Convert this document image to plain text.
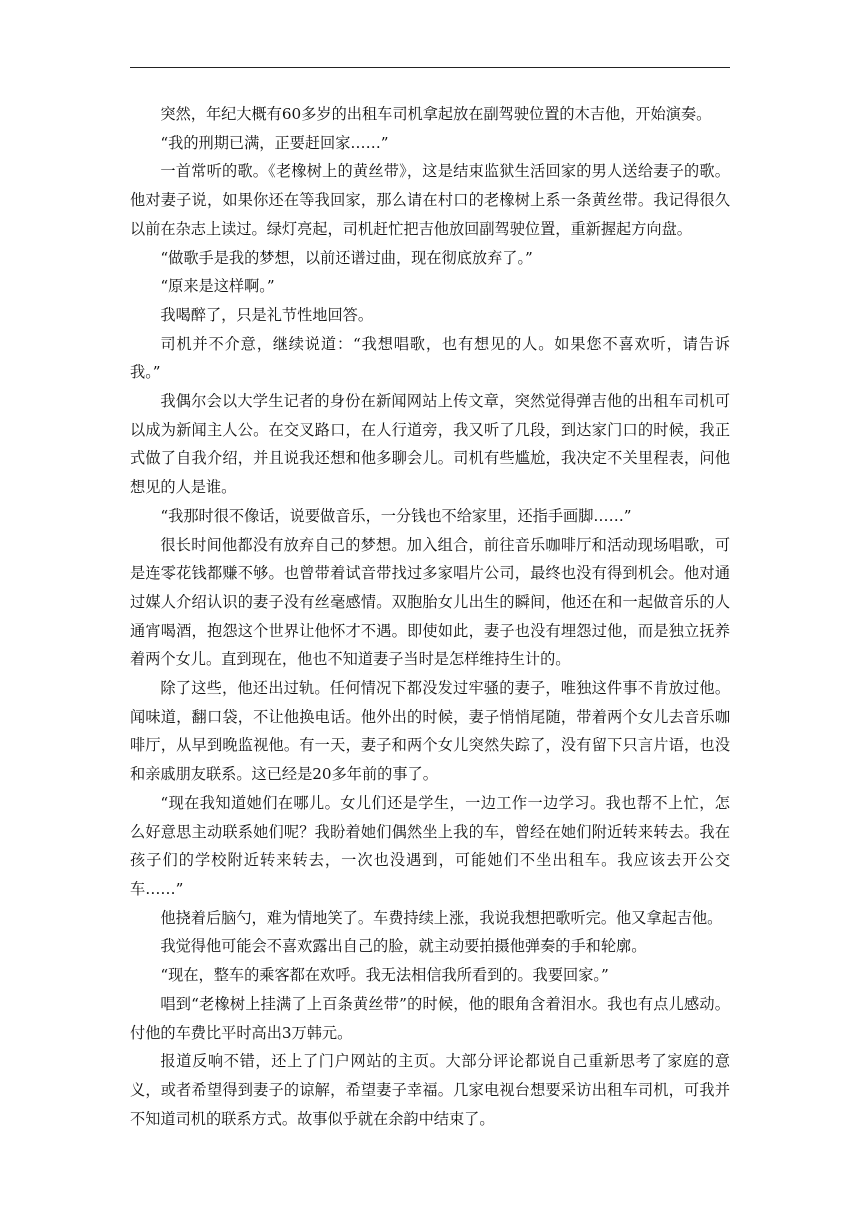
突然，年纪大概有60多岁的出租车司机拿起放在副驾驶位置的木吉他，开始演奏。

“我的刑期已满，正要赶回家……”

一首常听的歌。《老橡树上的黄丝带》，这是结束监狱生活回家的男人送给妻子的歌。他对妻子说，如果你还在等我回家，那么请在村口的老橡树上系一条黄丝带。我记得很久以前在杂志上读过。绿灯亮起，司机赶忙把吉他放回副驾驶位置，重新握起方向盘。

“做歌手是我的梦想，以前还谱过曲，现在彻底放弃了。”

“原来是这样啊。”

我喝醉了，只是礼节性地回答。

司机并不介意，继续说道：“我想唱歌，也有想见的人。如果您不喜欢听，请告诉我。”

我偶尔会以大学生记者的身份在新闻网站上传文章，突然觉得弹吉他的出租车司机可以成为新闻主人公。在交叉路口，在人行道旁，我又听了几段，到达家门口的时候，我正式做了自我介绍，并且说我还想和他多聊会儿。司机有些尴尬，我决定不关里程表，问他想见的人是谁。

“我那时很不像话，说要做音乐，一分钱也不给家里，还指手画脚……”

很长时间他都没有放弃自己的梦想。加入组合，前往音乐咖啡厅和活动现场唱歌，可是连零花钱都赚不够。也曾带着试音带找过多家唱片公司，最终也没有得到机会。他对通过媒人介绍认识的妻子没有丝毫感情。双胞胎女儿出生的瞬间，他还在和一起做音乐的人通宵喝酒，抱怨这个世界让他怀才不遇。即使如此，妻子也没有埋怨过他，而是独立抚养着两个女儿。直到现在，他也不知道妻子当时是怎样维持生计的。

除了这些，他还出过轨。任何情况下都没发过牢骚的妻子，唯独这件事不肯放过他。闻味道，翻口袋，不让他换电话。他外出的时候，妻子悄悄尾随，带着两个女儿去音乐咖啡厅，从早到晚监视他。有一天，妻子和两个女儿突然失踪了，没有留下只言片语，也没和亲戚朋友联系。这已经是20多年前的事了。

“现在我知道她们在哪儿。女儿们还是学生，一边工作一边学习。我也帮不上忙，怎么好意思主动联系她们呢？我盼着她们偶然坐上我的车，曾经在她们附近转来转去。我在孩子们的学校附近转来转去，一次也没遇到，可能她们不坐出租车。我应该去开公交车……”

他挠着后脑勺，难为情地笑了。车费持续上涨，我说我想把歌听完。他又拿起吉他。

我觉得他可能会不喜欢露出自己的脸，就主动要拍摄他弹奏的手和轮廓。

“现在，整车的乘客都在欢呼。我无法相信我所看到的。我要回家。”

唱到“老橡树上挂满了上百条黄丝带”的时候，他的眼角含着泪水。我也有点儿感动。付他的车费比平时高出3万韩元。

报道反响不错，还上了门户网站的主页。大部分评论都说自己重新思考了家庭的意义，或者希望得到妻子的谅解，希望妻子幸福。几家电视台想要采访出租车司机，可我并不知道司机的联系方式。故事似乎就在余韵中结束了。
